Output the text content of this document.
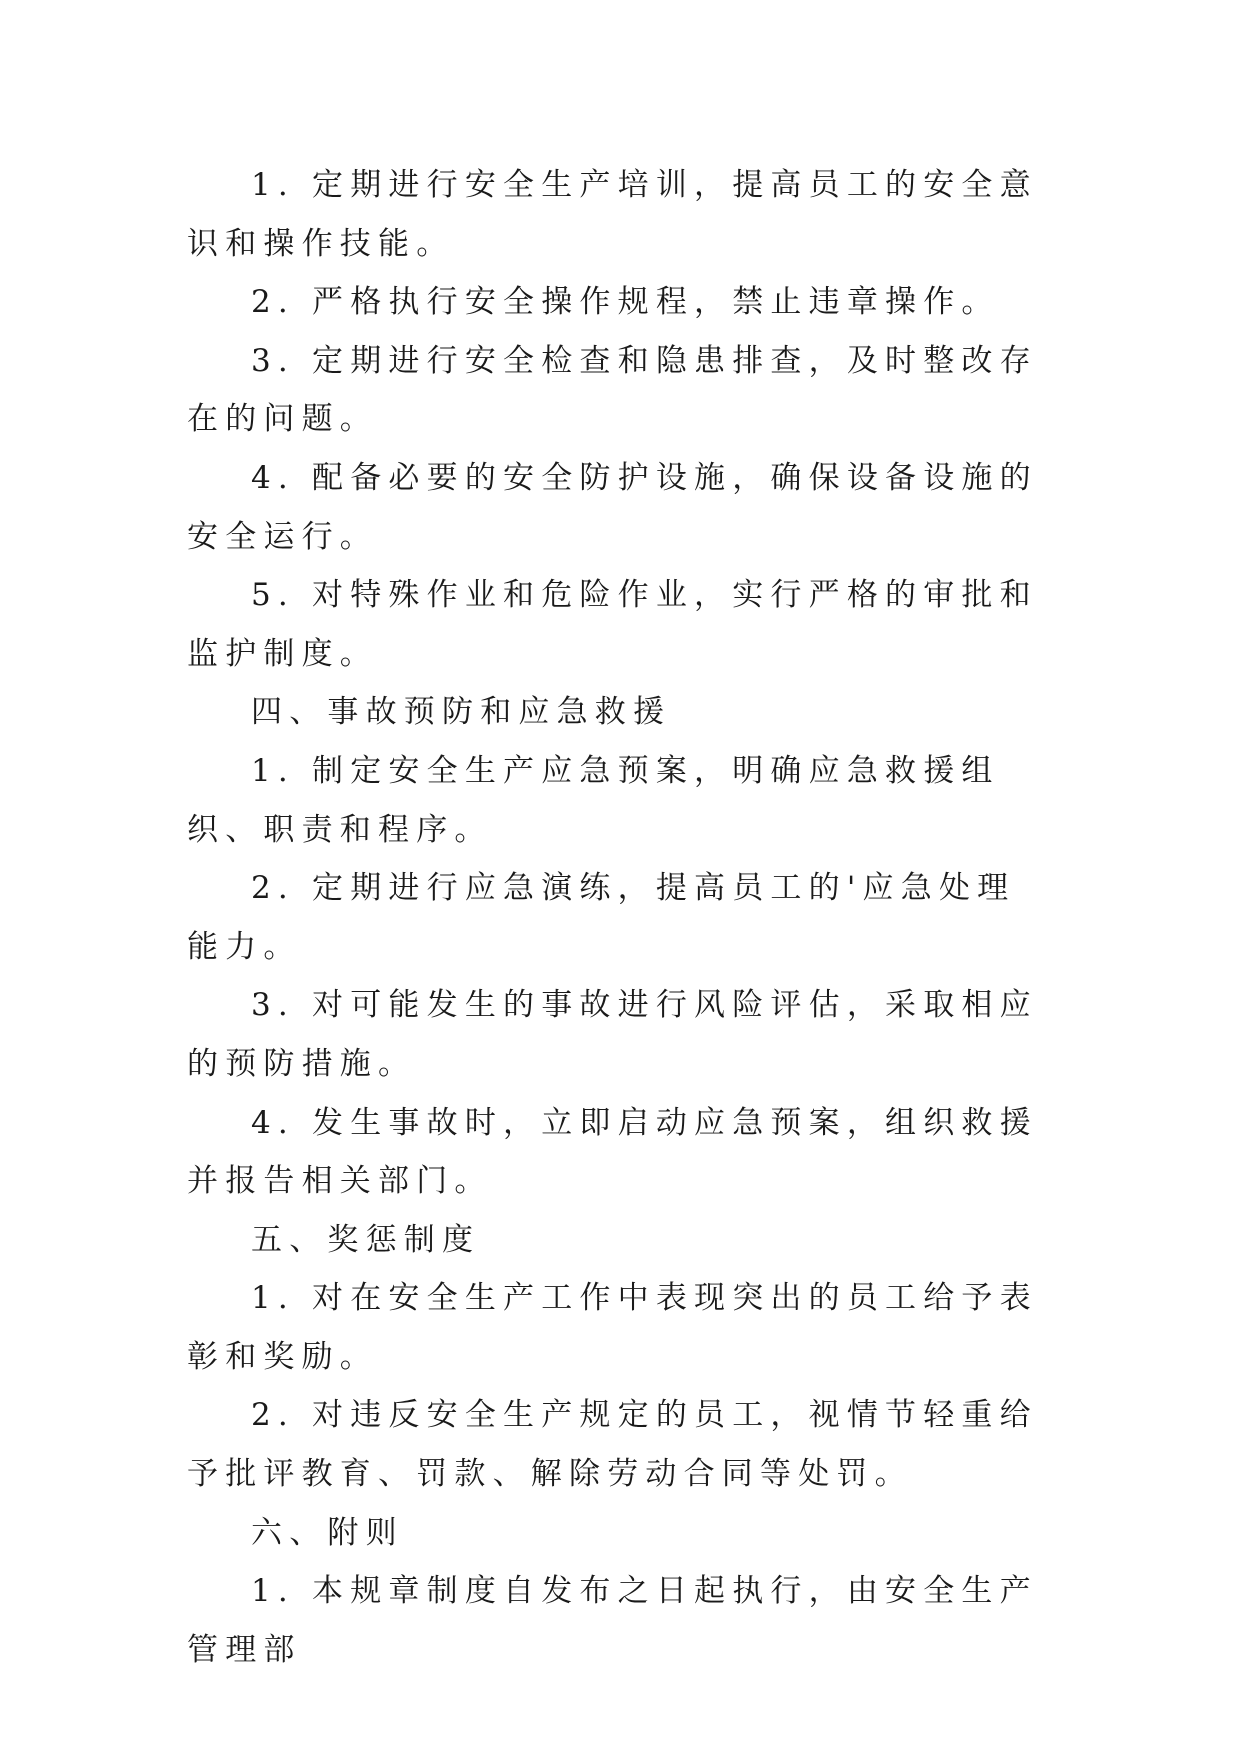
1. 定期进行安全生产培训，提高员工的安全意识和操作技能。

2. 严格执行安全操作规程，禁止违章操作。

3. 定期进行安全检查和隐患排查，及时整改存在的问题。

4. 配备必要的安全防护设施，确保设备设施的安全运行。

5. 对特殊作业和危险作业，实行严格的审批和监护制度。

四、事故预防和应急救援

1. 制定安全生产应急预案，明确应急救援组织、职责和程序。

2. 定期进行应急演练，提高员工的'应急处理能力。

3. 对可能发生的事故进行风险评估，采取相应的预防措施。

4. 发生事故时，立即启动应急预案，组织救援并报告相关部门。

五、奖惩制度

1. 对在安全生产工作中表现突出的员工给予表彰和奖励。

2. 对违反安全生产规定的员工，视情节轻重给予批评教育、罚款、解除劳动合同等处罚。

六、附则

1. 本规章制度自发布之日起执行，由安全生产管理部
